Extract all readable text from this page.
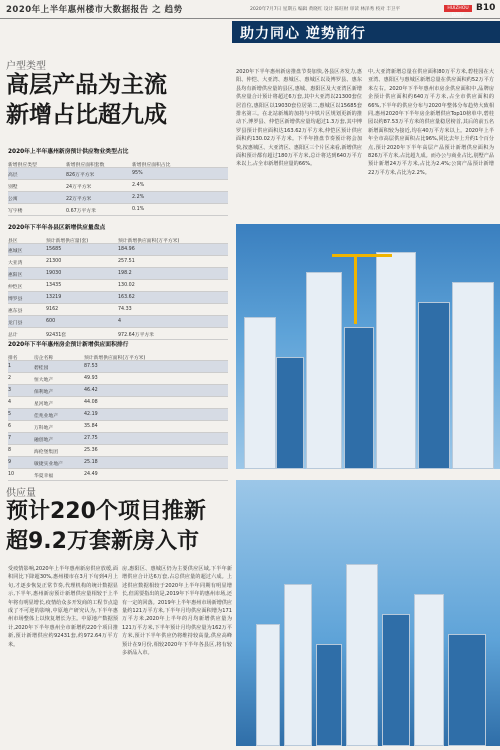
2020年上半年惠州楼市大数据报告 之 趋势	2020年7月7日 星期五 编辑 黄晓红 设计 陈旺财 审读 林泽秀 校对 丰卫平	HUIZHOU DAILY
B10
助力同心 逆势前行
户型类型
高层产品为主流
新增占比超九成
2020年上半年惠州新房预计供应物业类型占比
新增供应类型	新增供应面积套数	新增供应面积占比
高层	826万平方米	95%
别墅	24万平方米	2.4%
公寓	22万平方米	2.2%
写字楼	0.67万平方米	0.1%
2020年下半年各县区新增供应量盘点
县区	预计新增供应量(套)	预计新增供应面积(万平方米)
惠城区	15685	184.96
大亚湾	21300	257.51
惠阳区	19030	198.2
仲恺区	13435	130.02
博罗县	13219	163.62
惠东县	9162	74.33
龙门县	600	4
总计	92431套	972.64万平方米
2020年下半年惠州房企预计新增供应面积排行
排名	房企名称	预计新增供应面积(万平方米)
1	碧桂园	87.53
2	恒大地产	49.93
3	保利地产	46.42
4	星河地产	44.08
5	佳兆业地产	42.19
6	万科地产	35.84
7	融创地产	27.75
8	海伦堡集团	25.36
9	敏捷实业地产	25.18
10	华夏幸福	24.49
2020年下半年惠州新房推盘节奏加快,各县区齐发力,惠阳、仲恺、大亚湾、惠城区、惠城区以及博罗县、惠东县均有新增供应量的县区,惠城、惠阳区及大亚湾区新增供应量合计预计将超过6万套,其中大亚湾以21300套位居首位,惠阳区以19030套位居第二,惠城区以15685套排名第三。在北站新城的加持与中铁片区规划更新的推动下,博罗县、仲恺区新增供应量均超过1.3万套,其中博罗县预计供应面积达163.62万平方米,仲恺区预计供应面积约130.02万平方米。下半年推盘节奏预计将会加快,按惠城区、大亚湾区、惠阳区三个片区来看,新增供应面积预计都有超过180万平方米,总计将达到640万平方米以上,占全市新增供应量的66%。
中,大亚湾新增总量在供应面积80万平方米,碧桂园在大亚湾、惠阳区与惠城区新增总量在供应面积约52万平方米左右。2020年下半年惠州市房企供应面积中,品牌房企预计供应面积约640万平方米,占全市供应面积的66%,下半年的供应分布与2020年整体分布趋势大致相同,惠州2020年下半年房企新增供应Top10榜单中,碧桂园以约87.53万平方米的供应量稳居榜首,其后的前五名新增面积较为接近,均在40万平方米以上。2020年上半年全市高层供应面积占比96%,同比去年上升约1个百分点,预计2020年下半年高层产品预计新增供应面积为826万平方米,占比超九成。而办公与商业占比,别墅产品预计新增24万平方米,占比为2.4%;公寓产品预计新增22万平方米,占比为2.2%。
供应量
预计220个项目推新
超9.2万套新房入市
受疫情影响,2020年上半年惠州新房供应放缓,面积同比下降超30%,惠州楼市在3月下旬到4月上旬,才逐步恢复正常节奏,代理机构的统计数据显示,下半年,惠州新房预计新增供应量相较于上半年将有明显增长,疫情给众多开发商的工程节点造成了不可逆的影响,中原地产研究认为,下半年惠州市场整体上以恢复增长为主。中原地产数据预计,2020年下半年惠州全市新增约220个项目推新,预计新增供应约92431套,约972.64万平方米。
房,惠阳区、惠城区仍为主要供应区域,下半年新增供应合计达6万套,占总供应量的超过六成。上述供应数据相较于2020年上半年同期有明显增长,但需要指出的是,2019年下半年的惠州市场,还有一定的回落。2019年上半年惠州市场新增供应量约121万平方米,下半年月均供应面积增为171万平方米,2020年上半年的月均新增供应量为121万平方米,下半年预计月均供应量为162万平方米,预计下半年供应仍将维持较高量,供应高峰预计在9月份,相较2020年下半年各县区,将有较多新品入市。
